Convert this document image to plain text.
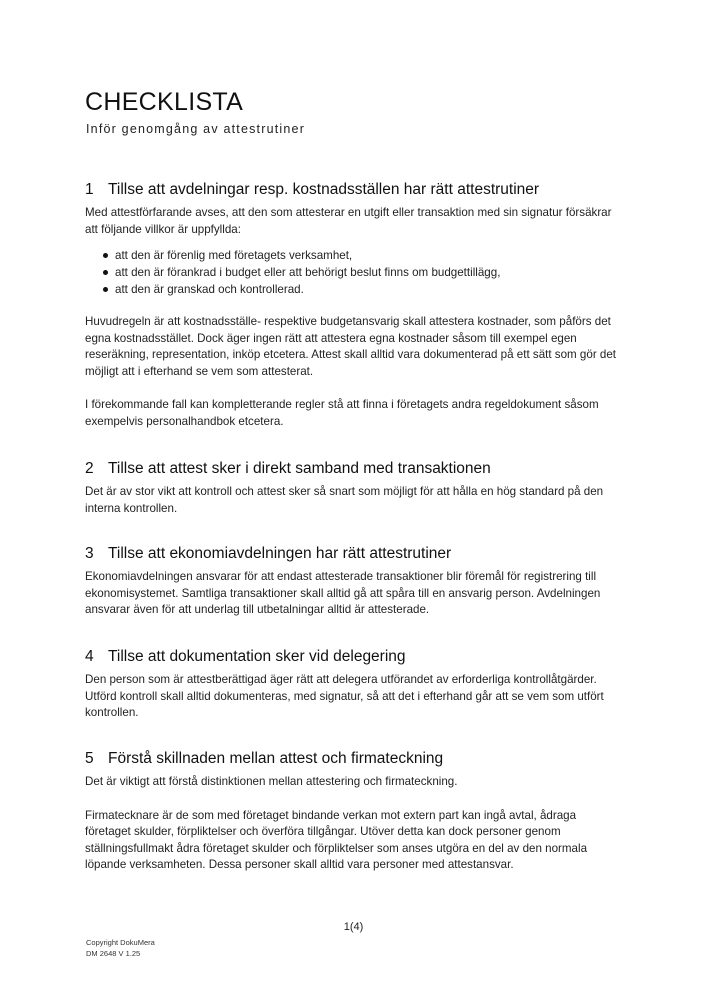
CHECKLISTA
Inför genomgång av attestrutiner
1 Tillse att avdelningar resp. kostnadsställen har rätt attestrutiner

Med attestförfarande avses, att den som attesterar en utgift eller transaktion med sin signatur försäkrar att följande villkor är uppfyllda:

att den är förenlig med företagets verksamhet,
att den är förankrad i budget eller att behörigt beslut finns om budgettillägg,
att den är granskad och kontrollerad.

Huvudregeln är att kostnadsställe- respektive budgetansvarig skall attestera kostnader, som påförs det egna kostnadsstället. Dock äger ingen rätt att attestera egna kostnader såsom till exempel egen reseräkning, representation, inköp etcetera. Attest skall alltid vara dokumenterad på ett sätt som gör det möjligt att i efterhand se vem som attesterat.

I förekommande fall kan kompletterande regler stå att finna i företagets andra regeldokument såsom exempelvis personalhandbok etcetera.

2 Tillse att attest sker i direkt samband med transaktionen

Det är av stor vikt att kontroll och attest sker så snart som möjligt för att hålla en hög standard på den interna kontrollen.

3 Tillse att ekonomiavdelningen har rätt attestrutiner

Ekonomiavdelningen ansvarar för att endast attesterade transaktioner blir föremål för registrering till ekonomisystemet. Samtliga transaktioner skall alltid gå att spåra till en ansvarig person. Avdelningen ansvarar även för att underlag till utbetalningar alltid är attesterade.

4 Tillse att dokumentation sker vid delegering

Den person som är attestberättigad äger rätt att delegera utförandet av erforderliga kontrollåtgärder. Utförd kontroll skall alltid dokumenteras, med signatur, så att det i efterhand går att se vem som utfört kontrollen.

5 Förstå skillnaden mellan attest och firmateckning

Det är viktigt att förstå distinktionen mellan attestering och firmateckning.

Firmatecknare är de som med företaget bindande verkan mot extern part kan ingå avtal, ådraga företaget skulder, förpliktelser och överföra tillgångar. Utöver detta kan dock personer genom ställningsfullmakt ådra företaget skulder och förpliktelser som anses utgöra en del av den normala löpande verksamheten. Dessa personer skall alltid vara personer med attestansvar.

1(4)
Copyright DokuMera
DM 2648 V 1.25
